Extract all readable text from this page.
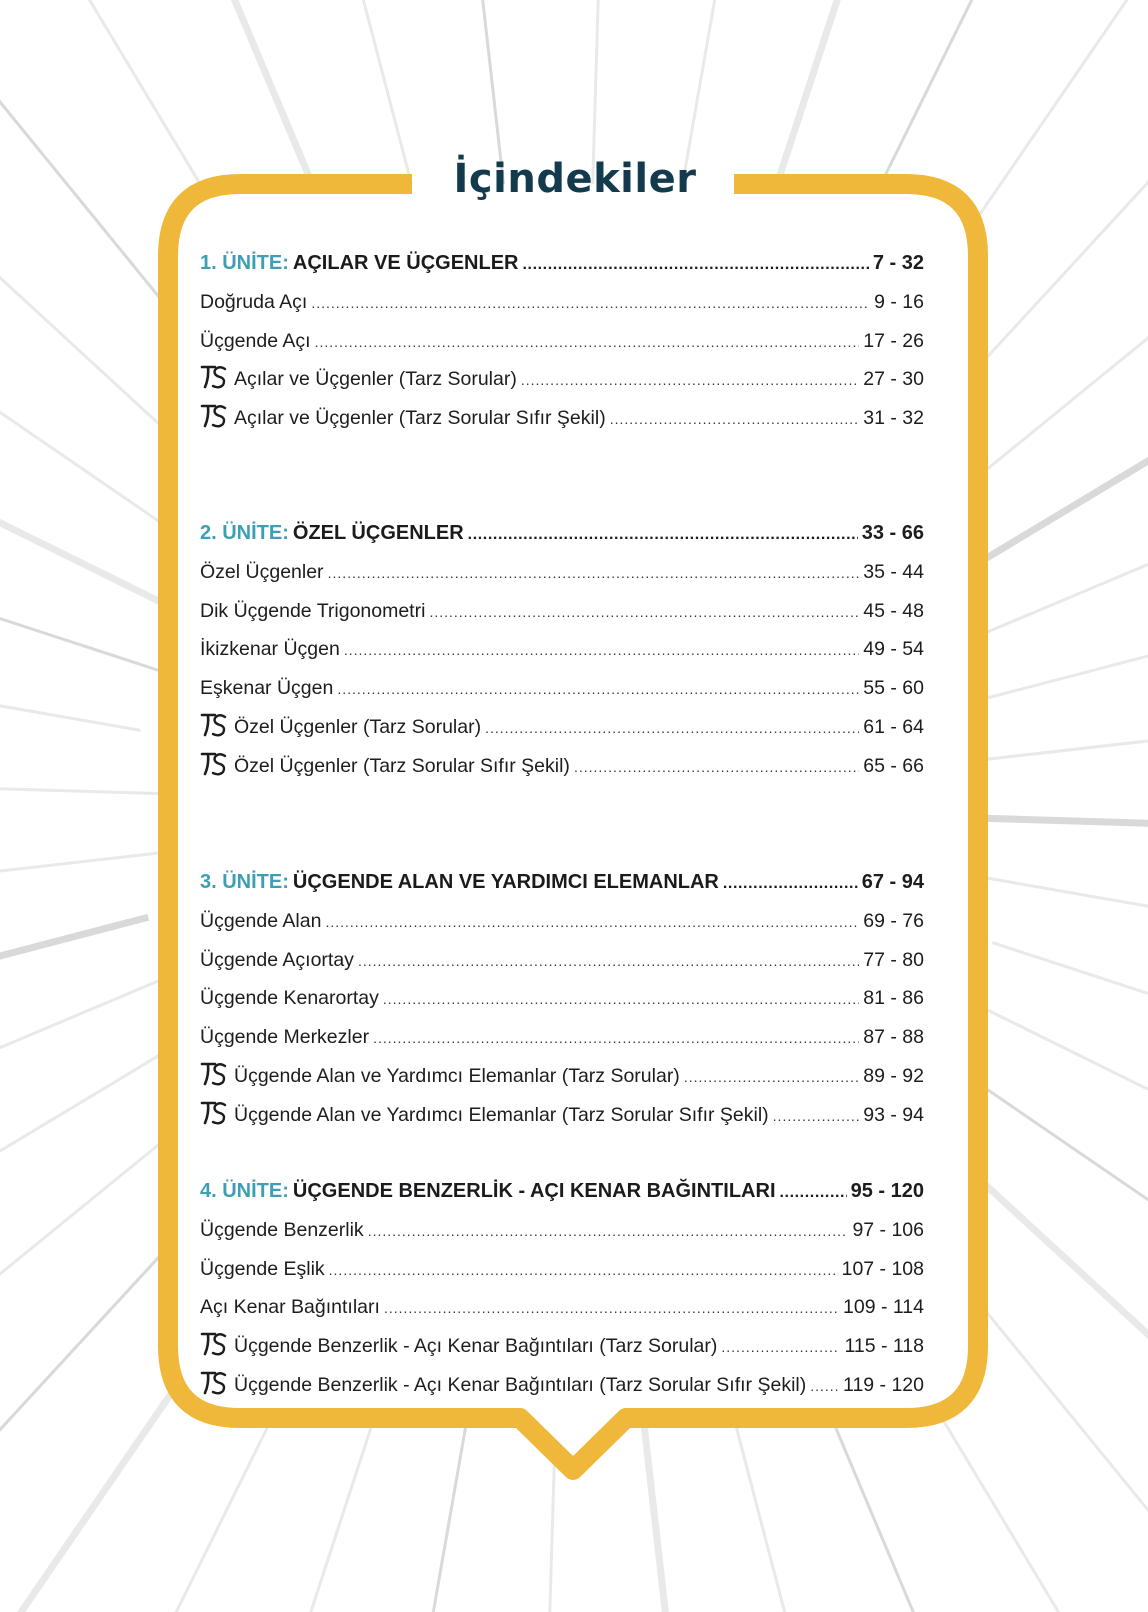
İçindekiler
1. ÜNİTE: AÇILAR VE ÜÇGENLER .....	7 - 32
Doğruda Açı .....	9 - 16
Üçgende Açı .....	17 - 26
Açılar ve Üçgenler (Tarz Sorular) .....	27 - 30
Açılar ve Üçgenler (Tarz Sorular Sıfır Şekil) .....	31 - 32
2. ÜNİTE: ÖZEL ÜÇGENLER .....	33 - 66
Özel Üçgenler .....	35 - 44
Dik Üçgende Trigonometri .....	45 - 48
İkizkenar Üçgen .....	49 - 54
Eşkenar Üçgen .....	55 - 60
Özel Üçgenler (Tarz Sorular) .....	61 - 64
Özel Üçgenler (Tarz Sorular Sıfır Şekil) .....	65 - 66
3. ÜNİTE: ÜÇGENDE ALAN VE YARDIMCI ELEMANLAR .....	67 - 94
Üçgende Alan .....	69 - 76
Üçgende Açıortay .....	77 - 80
Üçgende Kenarortay .....	81 - 86
Üçgende Merkezler .....	87 - 88
Üçgende Alan ve Yardımcı Elemanlar (Tarz Sorular) .....	89 - 92
Üçgende Alan ve Yardımcı Elemanlar (Tarz Sorular Sıfır Şekil) .....	93 - 94
4. ÜNİTE: ÜÇGENDE BENZERLİK - AÇI KENAR BAĞINTILARI .....	95 - 120
Üçgende Benzerlik .....	97 - 106
Üçgende Eşlik .....	107 - 108
Açı Kenar Bağıntıları .....	109 - 114
Üçgende Benzerlik - Açı Kenar Bağıntıları (Tarz Sorular) .....	115 - 118
Üçgende Benzerlik - Açı Kenar Bağıntıları (Tarz Sorular Sıfır Şekil) ..... 119 - 120
